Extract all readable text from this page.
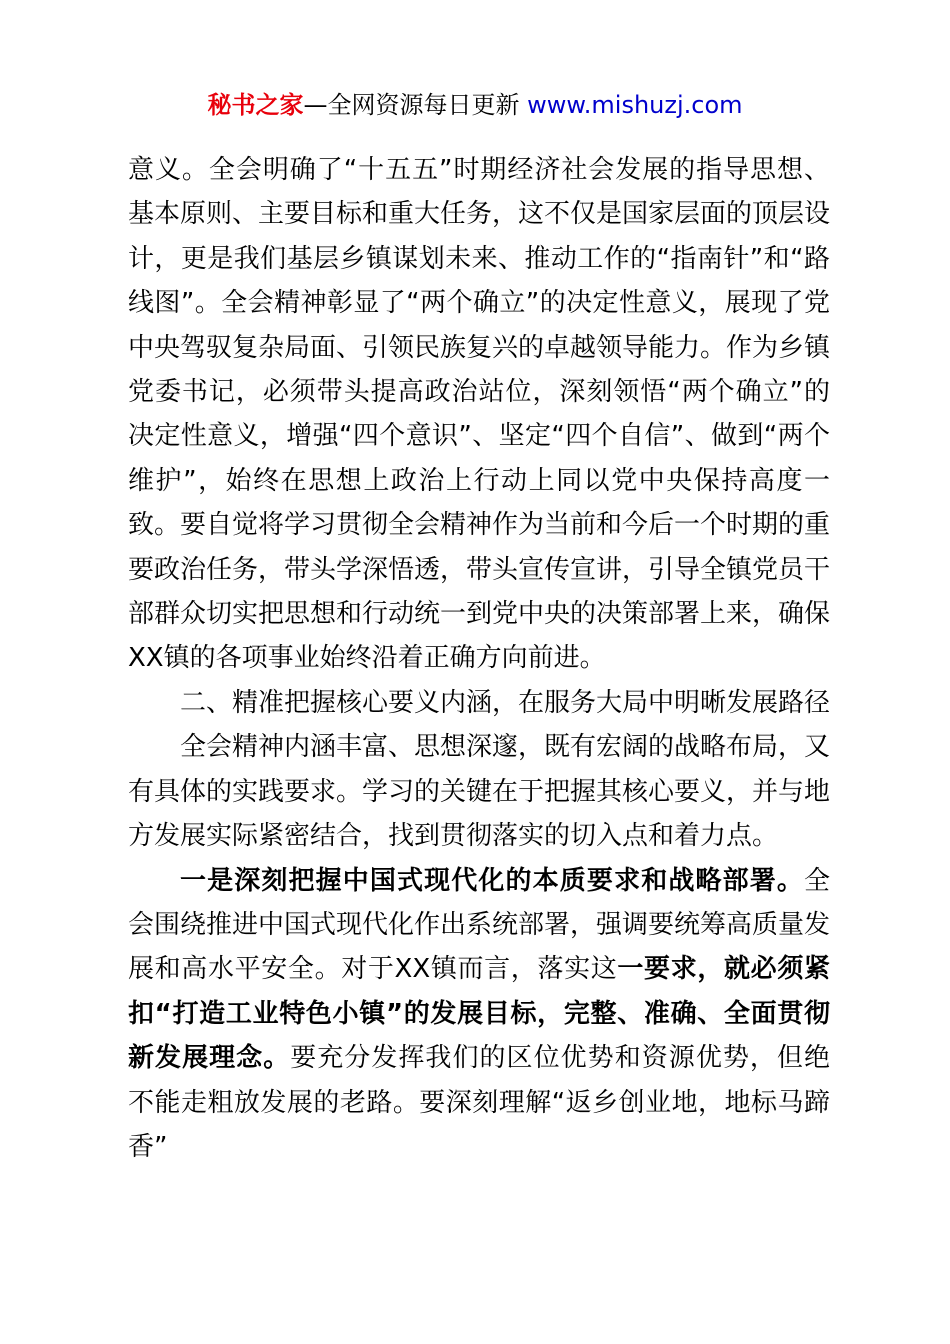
秘书之家—全网资源每日更新 www.mishuzj.com

意义。全会明确了“十五五”时期经济社会发展的指导思想、基本原则、主要目标和重大任务，这不仅是国家层面的顶层设计，更是我们基层乡镇谋划未来、推动工作的“指南针”和“路线图”。全会精神彰显了“两个确立”的决定性意义，展现了党中央驾驭复杂局面、引领民族复兴的卓越领导能力。作为乡镇党委书记，必须带头提高政治站位，深刻领悟“两个确立”的决定性意义，增强“四个意识”、坚定“四个自信”、做到“两个维护”，始终在思想上政治上行动上同以党中央保持高度一致。要自觉将学习贯彻全会精神作为当前和今后一个时期的重要政治任务，带头学深悟透，带头宣传宣讲，引导全镇党员干部群众切实把思想和行动统一到党中央的决策部署上来，确保XX镇的各项事业始终沿着正确方向前进。

二、精准把握核心要义内涵，在服务大局中明晰发展路径

全会精神内涵丰富、思想深邃，既有宏阔的战略布局，又有具体的实践要求。学习的关键在于把握其核心要义，并与地方发展实际紧密结合，找到贯彻落实的切入点和着力点。

一是深刻把握中国式现代化的本质要求和战略部署。全会围绕推进中国式现代化作出系统部署，强调要统筹高质量发展和高水平安全。对于XX镇而言，落实这一要求，就必须紧扣“打造工业特色小镇”的发展目标，完整、准确、全面贯彻新发展理念。要充分发挥我们的区位优势和资源优势，但绝不能走粗放发展的老路。要深刻理解“返乡创业地，地标马蹄香”
